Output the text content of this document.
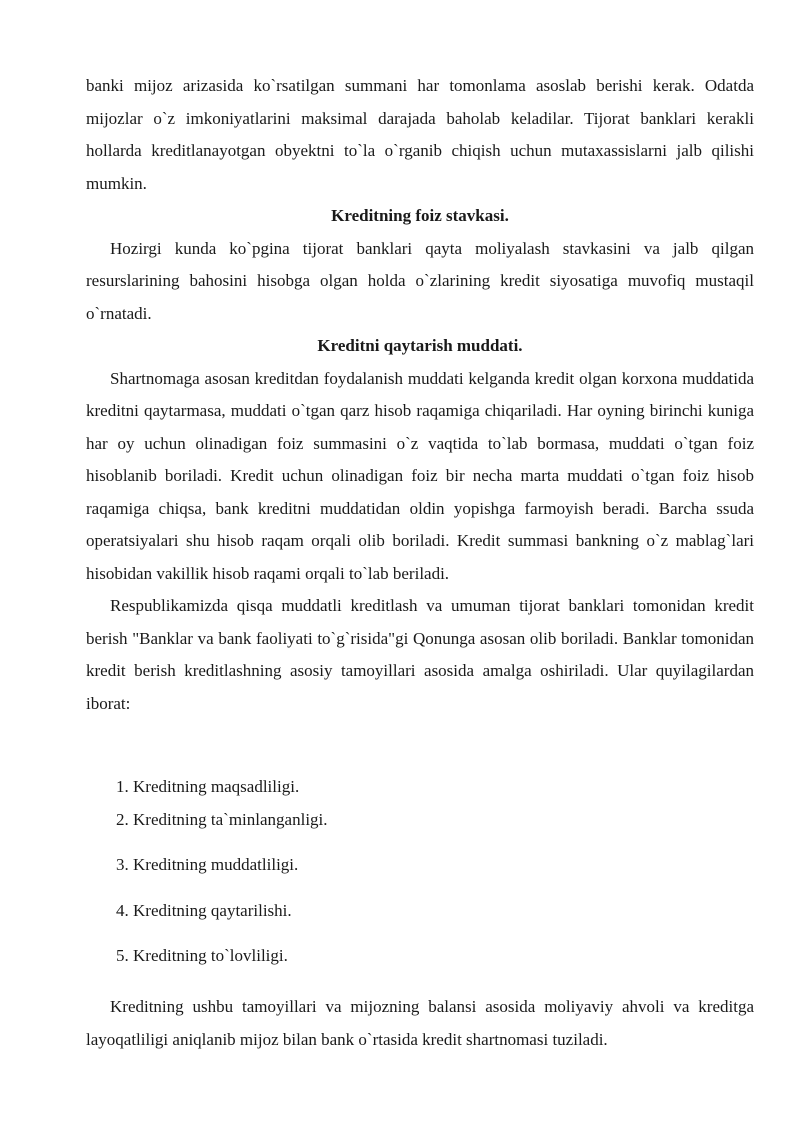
banki mijoz arizasida ko`rsatilgan summani har tomonlama asoslab berishi kerak. Odatda mijozlar o`z imkoniyatlarini maksimal darajada baholab keladilar. Tijorat banklari kerakli hollarda kreditlanayotgan obyektni to`la o`rganib chiqish uchun mutaxassislarni jalb qilishi mumkin.

Kreditning foiz stavkasi.

Hozirgi kunda ko`pgina tijorat banklari qayta moliyalash stavkasini va jalb qilgan resurslarining bahosini hisobga olgan holda o`zlarining kredit siyosatiga muvofiq mustaqil o`rnatadi.

Kreditni qaytarish muddati.

Shartnomaga asosan kreditdan foydalanish muddati kelganda kredit olgan korxona muddatida kreditni qaytarmasa, muddati o`tgan qarz hisob raqamiga chiqariladi. Har oyning birinchi kuniga har oy uchun olinadigan foiz summasini o`z vaqtida to`lab bormasa, muddati o`tgan foiz hisoblanib boriladi. Kredit uchun olinadigan foiz bir necha marta muddati o`tgan foiz hisob raqamiga chiqsa, bank kreditni muddatidan oldin yopishga farmoyish beradi. Barcha ssuda operatsiyalari shu hisob raqam orqali olib boriladi. Kredit summasi bankning o`z mablag`lari hisobidan vakillik hisob raqami orqali to`lab beriladi.

Respublikamizda qisqa muddatli kreditlash va umuman tijorat banklari tomonidan kredit berish "Banklar va bank faoliyati to`g`risida"gi Qonunga asosan olib boriladi. Banklar tomonidan kredit berish kreditlashning asosiy tamoyillari asosida amalga oshiriladi. Ular quyilagilardan iborat:

1. Kreditning maqsadliligi.
2. Kreditning ta`minlanganligi.
3. Kreditning muddatliligi.
4. Kreditning qaytarilishi.
5. Kreditning to`lovliligi.

Kreditning ushbu tamoyillari va mijozning balansi asosida moliyaviy ahvoli va kreditga layoqatliligi aniqlanib mijoz bilan bank o`rtasida kredit shartnomasi tuziladi.
